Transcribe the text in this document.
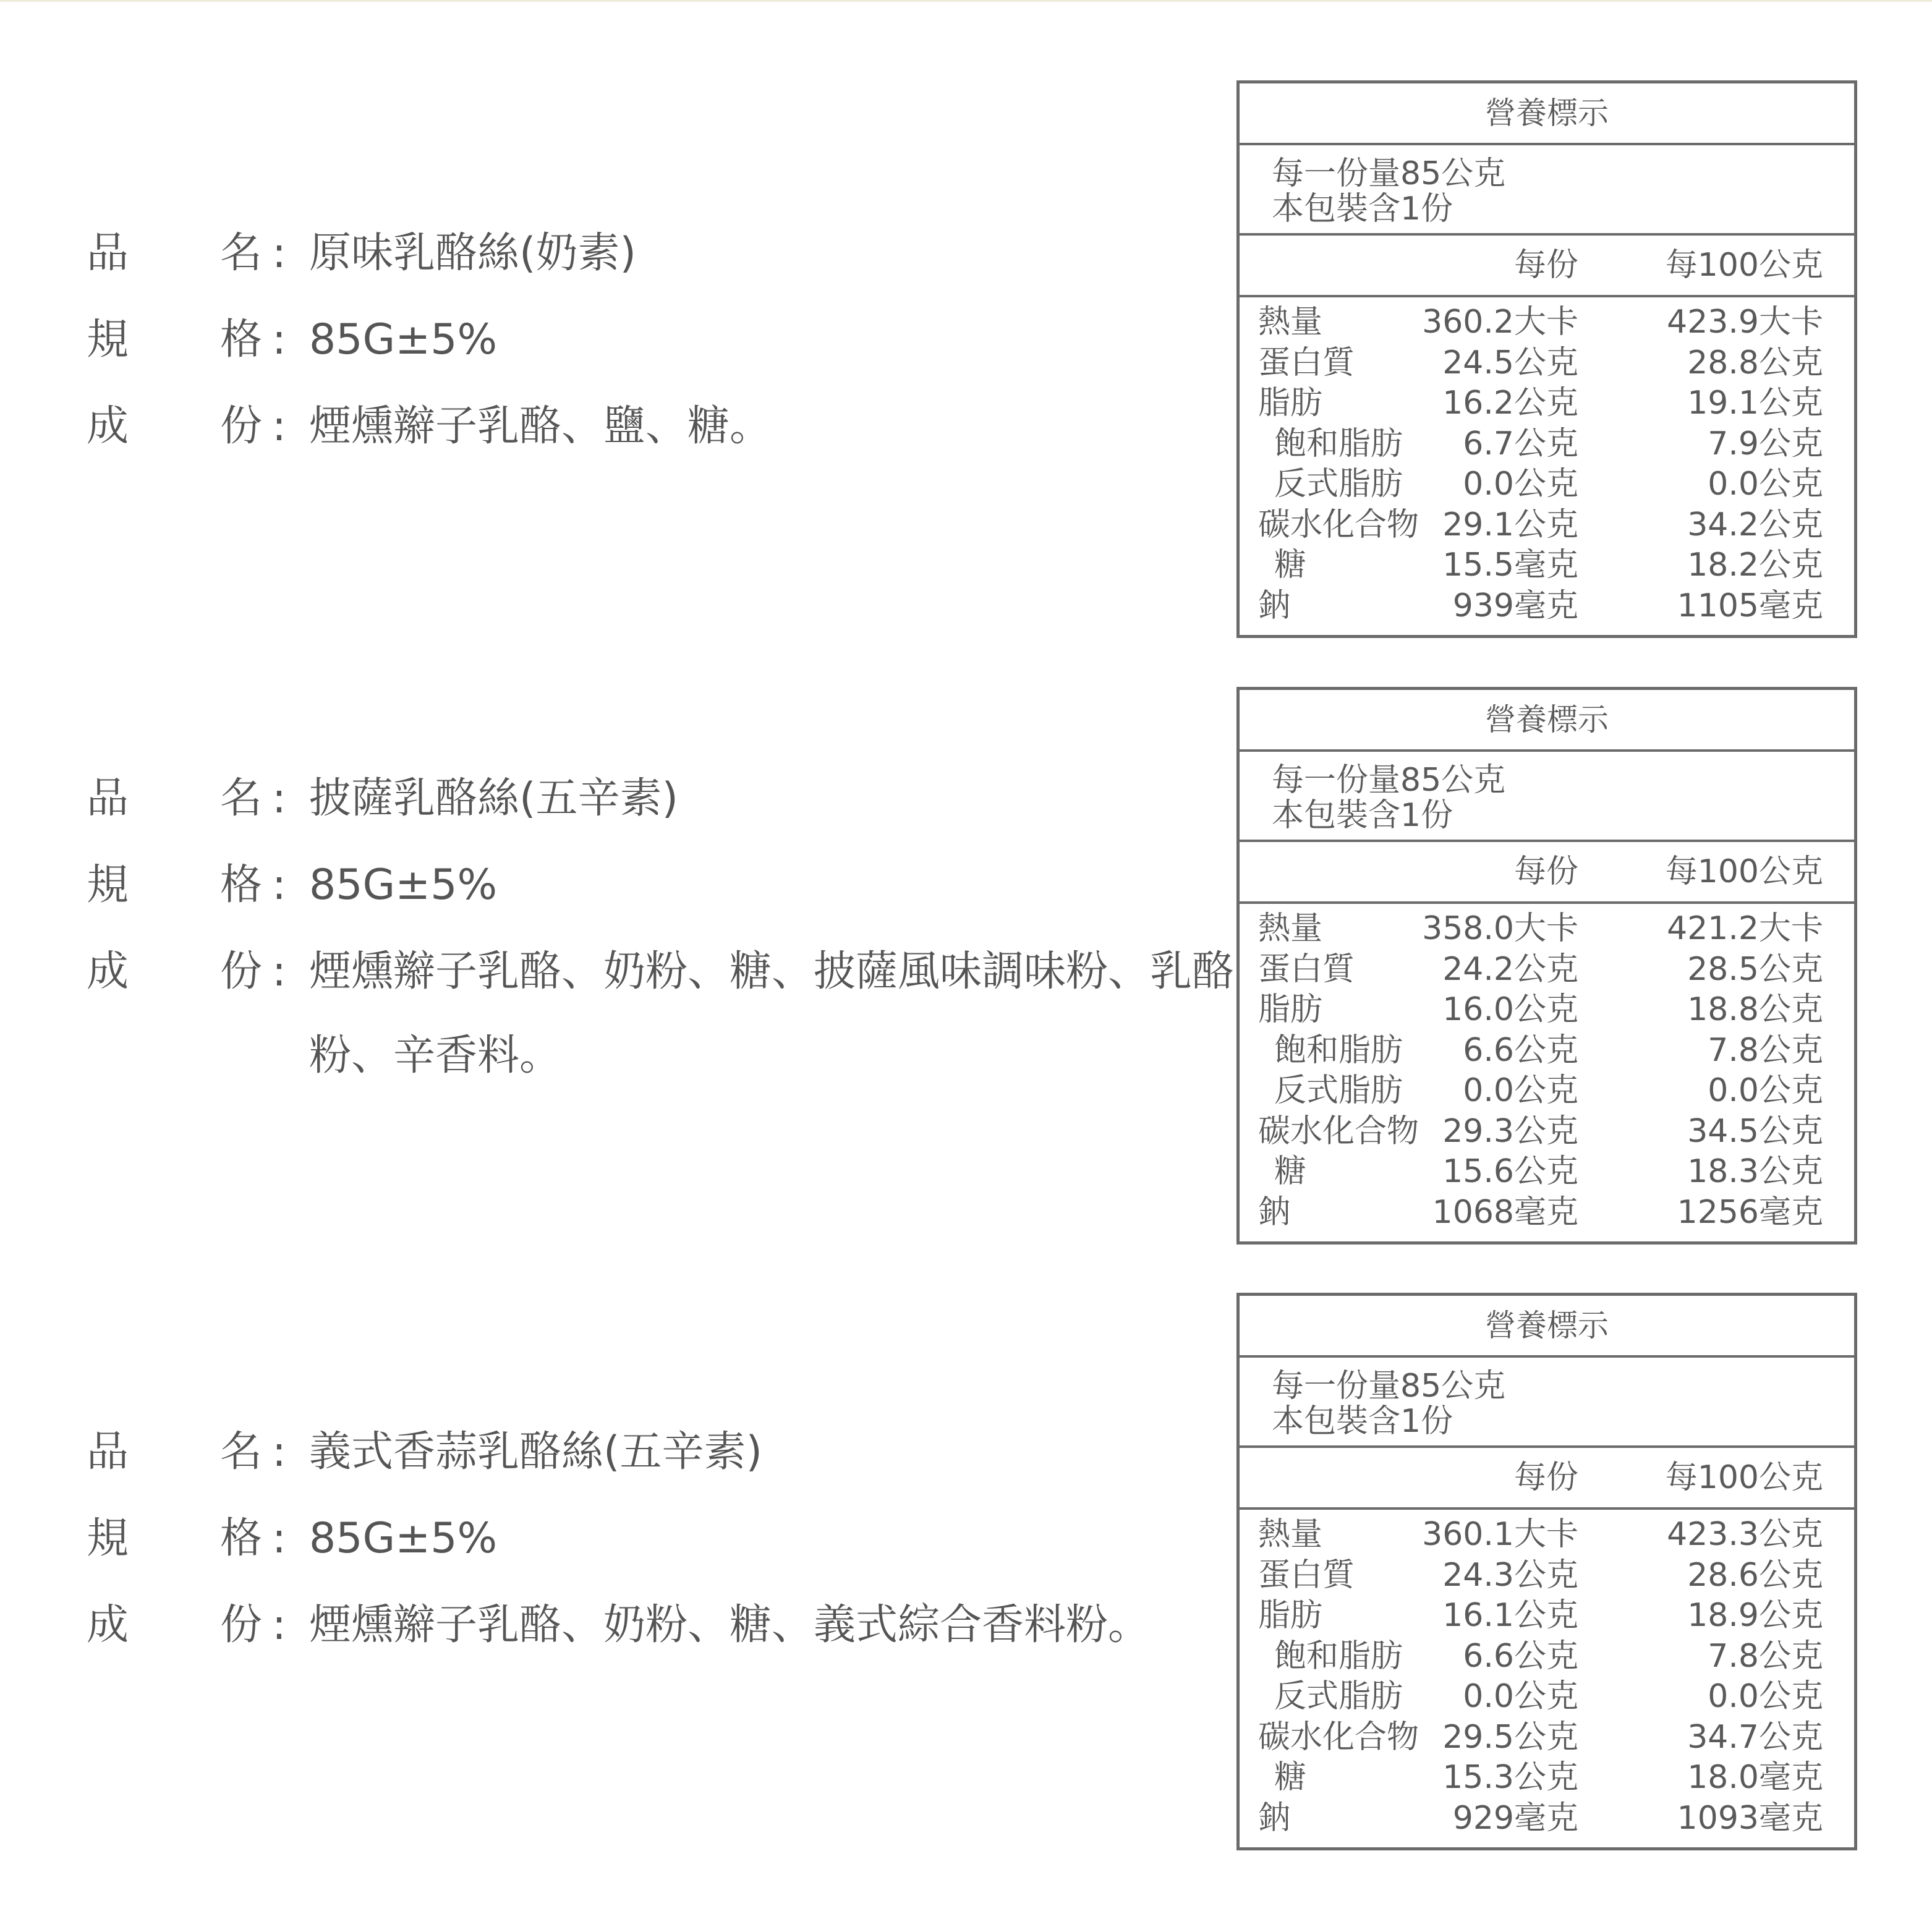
品 名 : 原味乳酪絲(奶素)
規 格 : 85G±5%
成 份 : 煙燻辮子乳酪、鹽、糖。
品 名 : 披薩乳酪絲(五辛素)
規 格 : 85G±5%
成 份 : 煙燻辮子乳酪、奶粉、糖、披薩風味調味粉、乳酪粉、辛香料。
品 名 : 義式香蒜乳酪絲(五辛素)
規 格 : 85G±5%
成 份 : 煙燻辮子乳酪、奶粉、糖、義式綜合香料粉。
營養標示
每一份量85公克
本包裝含1份
每份	每100公克
熱量	360.2大卡	423.9大卡
蛋白質	24.5公克	28.8公克
脂肪	16.2公克	19.1公克
飽和脂肪 6.7公克	7.9公克
反式脂肪 0.0公克	0.0公克
碳水化合物 29.1公克	34.2公克
糖	15.5毫克	18.2公克
鈉	939毫克	1105毫克
營養標示
每一份量85公克
本包裝含1份
每份	每100公克
熱量	358.0大卡	421.2大卡
蛋白質	24.2公克	28.5公克
脂肪	16.0公克	18.8公克
飽和脂肪 6.6公克	7.8公克
反式脂肪 0.0公克	0.0公克
碳水化合物 29.3公克	34.5公克
糖	15.6公克	18.3公克
鈉	1068毫克	1256毫克
營養標示
每一份量85公克
本包裝含1份
每份	每100公克
熱量	360.1大卡	423.3公克
蛋白質	24.3公克	28.6公克
脂肪	16.1公克	18.9公克
飽和脂肪 6.6公克	7.8公克
反式脂肪 0.0公克	0.0公克
碳水化合物 29.5公克	34.7公克
糖	15.3公克	18.0毫克
鈉	929毫克	1093毫克
